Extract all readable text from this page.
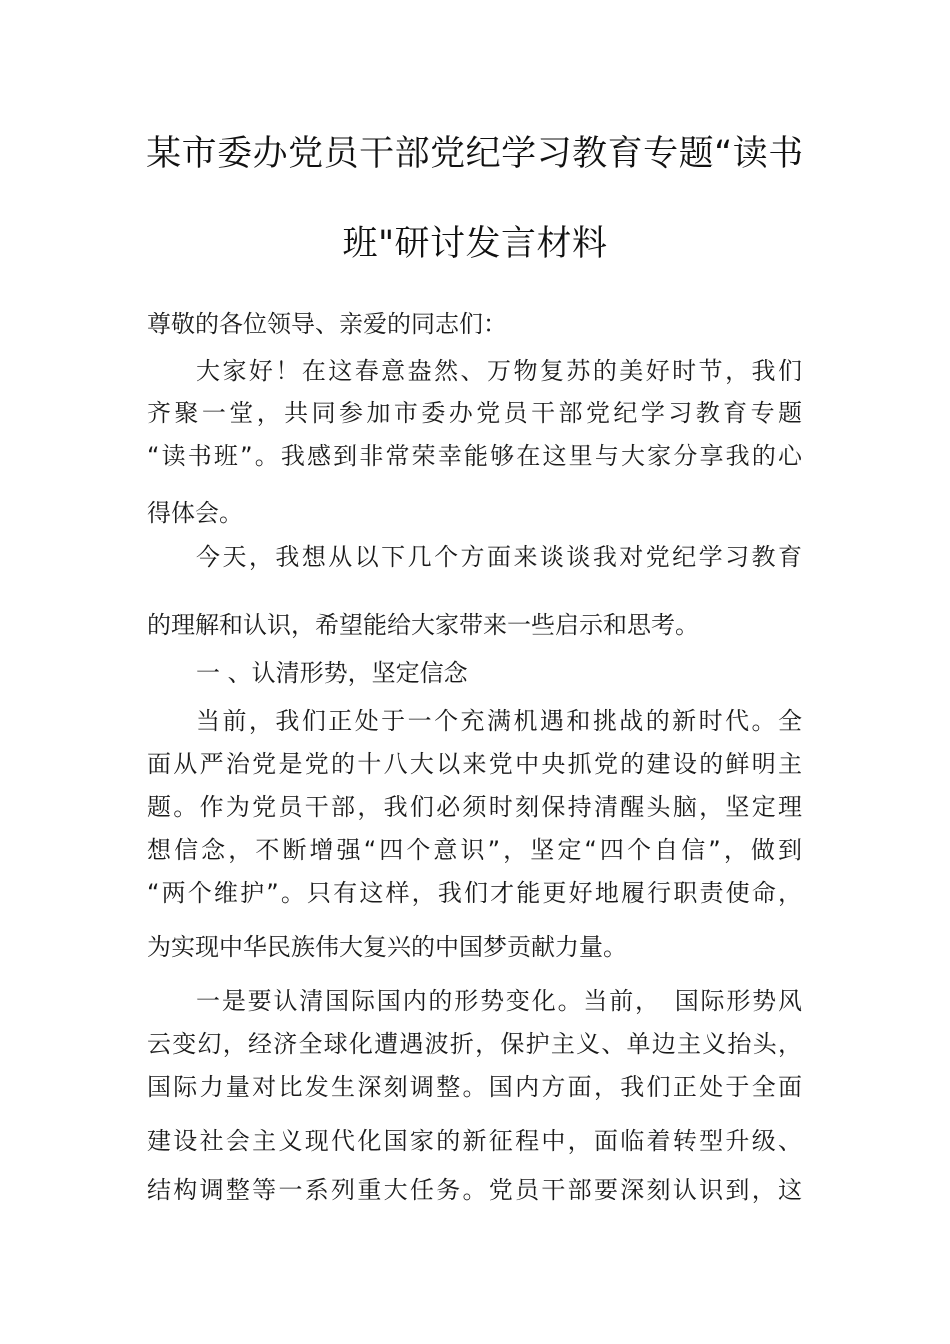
某市委办党员干部党纪学习教育专题“读书
班"研讨发言材料
尊敬的各位领导、亲爱的同志们：
大家好！在这春意盎然、万物复苏的美好时节，我们
齐聚一堂，共同参加市委办党员干部党纪学习教育专题
“读书班”。我感到非常荣幸能够在这里与大家分享我的心
得体会。
今天，我想从以下几个方面来谈谈我对党纪学习教育
的理解和认识，希望能给大家带来一些启示和思考。
一 、认清形势，坚定信念
当前，我们正处于一个充满机遇和挑战的新时代。全
面从严治党是党的十八大以来党中央抓党的建设的鲜明主
题。作为党员干部，我们必须时刻保持清醒头脑，坚定理
想信念，不断增强“四个意识”，坚定“四个自信”，做到
“两个维护”。只有这样，我们才能更好地履行职责使命，
为实现中华民族伟大复兴的中国梦贡献力量。
一是要认清国际国内的形势变化。当前，　国际形势风
云变幻，经济全球化遭遇波折，保护主义、单边主义抬头，
国际力量对比发生深刻调整。国内方面，我们正处于全面
建设社会主义现代化国家的新征程中，面临着转型升级、
结构调整等一系列重大任务。党员干部要深刻认识到，这
